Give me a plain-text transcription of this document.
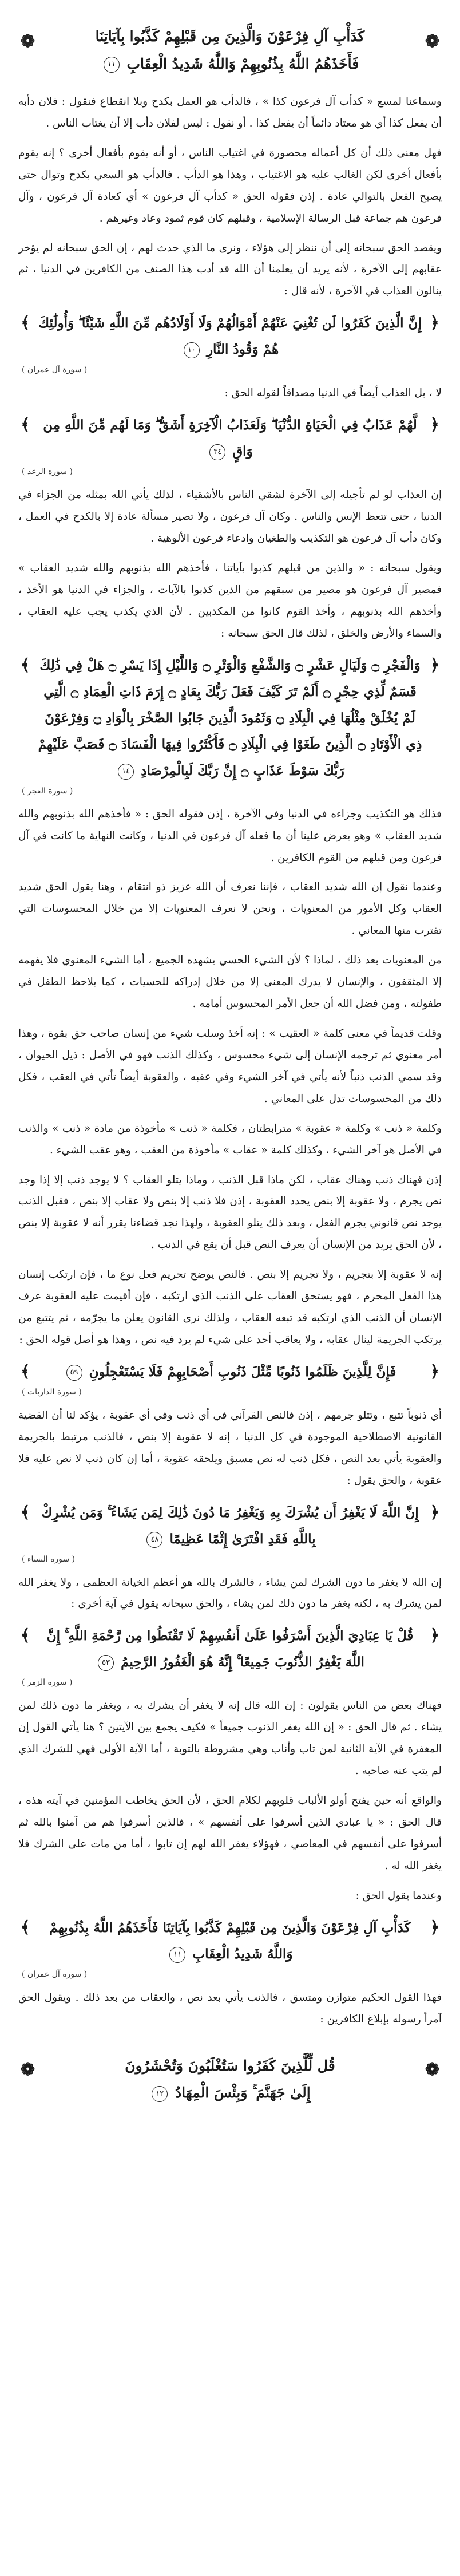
❁
❁	كَدَأْبِ آلِ فِرْعَوْنَ وَالَّذِينَ مِن قَبْلِهِمْ كَذَّبُوا بِآيَاتِنَا
فَأَخَذَهُمُ اللَّهُ بِذُنُوبِهِمْ وَاللَّهُ شَدِيدُ الْعِقَابِ ١١

وسماعنا لمسع « كدأب آل فرعون كذا » ، فالدأب هو العمل بكدح وبلا انقطاع فنقول : فلان دأبه أن يفعل كذا أي هو معتاد دائماً أن يفعل كذا . أو نقول : ليس لفلان دأب إلا أن يغتاب الناس .

فهل معنى ذلك أن كل أعماله محصورة في اغتياب الناس ، أو أنه يقوم بأفعال أخرى ؟ إنه يقوم بأفعال أخرى لكن الغالب عليه هو الاغتياب ، وهذا هو الدأب . فالدأب هو السعي بكدح وتوال حتى يصبح الفعل بالتوالي عادة . إذن فقوله الحق « كدأب آل فرعون » أي كعادة آل فرعون ، وآل فرعون هم جماعة قبل الرسالة الإسلامية ، وقبلهم كان قوم ثمود وعاد وغيرهم .

ويقصد الحق سبحانه إلى أن ننظر إلى هؤلاء ، ونرى ما الذي حدث لهم ، إن الحق سبحانه لم يؤخر عقابهم إلى الآخرة ، لأنه يريد أن يعلمنا أن الله قد أدب هذا الصنف من الكافرين في الدنيا ، ثم ينالون العذاب في الآخرة ، لأنه قال :

﴿
إِنَّ الَّذِينَ كَفَرُوا لَن تُغْنِيَ عَنْهُمْ أَمْوَالُهُمْ وَلَا أَوْلَادُهُم مِّنَ اللَّهِ شَيْئًا ۖ وَأُولَٰئِكَ هُمْ وَقُودُ النَّارِ ١٠
﴾
( سورة آل عمران )

لا ، بل العذاب أيضاً في الدنيا مصداقاً لقوله الحق :

﴿
لَّهُمْ عَذَابٌ فِي الْحَيَاةِ الدُّنْيَا ۖ وَلَعَذَابُ الْآخِرَةِ أَشَقُّ ۖ وَمَا لَهُم مِّنَ اللَّهِ مِن وَاقٍ ٣٤
﴾
( سورة الرعد )

إن العذاب لو لم تأجيله إلى الآخرة لشقي الناس بالأشقياء ، لذلك يأتي الله بمثله من الجزاء في الدنيا ، حتى تتعظ الإنس والناس . وكان آل فرعون ، ولا تصير مسألة عادة إلا بالكدح في العمل ، وكان دأب آل فرعون هو التكذيب والطغيان وادعاء فرعون الألوهية .

ويقول سبحانه : « والذين من قبلهم كذبوا بآياتنا ، فأخذهم الله بذنوبهم والله شديد العقاب » فمصير آل فرعون هو مصير من سبقهم من الذين كذبوا بالآيات ، والجزاء في الدنيا هو الأخذ ، وأخذهم الله بذنوبهم ، وأخذ القوم كانوا من المكذبين . لأن الذي يكذب يجب عليه العقاب ، والسماء والأرض والخلق ، لذلك قال الحق سبحانه :

﴿
وَالْفَجْرِ ۝ وَلَيَالٍ عَشْرٍ ۝ وَالشَّفْعِ وَالْوَتْرِ ۝ وَاللَّيْلِ إِذَا يَسْرِ ۝ هَلْ فِي ذَٰلِكَ قَسَمٌ لِّذِي حِجْرٍ ۝ أَلَمْ تَرَ كَيْفَ فَعَلَ رَبُّكَ بِعَادٍ ۝ إِرَمَ ذَاتِ الْعِمَادِ ۝ الَّتِي لَمْ يُخْلَقْ مِثْلُهَا فِي الْبِلَادِ ۝ وَثَمُودَ الَّذِينَ جَابُوا الصَّخْرَ بِالْوَادِ ۝ وَفِرْعَوْنَ ذِي الْأَوْتَادِ ۝ الَّذِينَ طَغَوْا فِي الْبِلَادِ ۝ فَأَكْثَرُوا فِيهَا الْفَسَادَ ۝ فَصَبَّ عَلَيْهِمْ رَبُّكَ سَوْطَ عَذَابٍ ۝ إِنَّ رَبَّكَ لَبِالْمِرْصَادِ ١٤
﴾
( سورة الفجر )

فذلك هو التكذيب وجزاءه في الدنيا وفي الآخرة ، إذن فقوله الحق : « فأخذهم الله بذنوبهم والله شديد العقاب » وهو يعرض علينا أن ما فعله آل فرعون في الدنيا ، وكانت النهاية ما كانت في آل فرعون ومن قبلهم من القوم الكافرين .

وعندما نقول إن الله شديد العقاب ، فإننا نعرف أن الله عزيز ذو انتقام ، وهنا يقول الحق شديد العقاب وكل الأمور من المعنويات ، ونحن لا نعرف المعنويات إلا من خلال المحسوسات التي تقترب منها المعاني .

من المعنويات بعد ذلك ، لماذا ؟ لأن الشيء الحسي يشهده الجميع ، أما الشيء المعنوي فلا يفهمه إلا المثقفون ، والإنسان لا يدرك المعنى إلا من خلال إدراكه للحسيات ، كما يلاحظ الطفل في طفولته ، ومن فضل الله أن جعل الأمر المحسوس أمامه .

وقلت قديماً في معنى كلمة « العقيب » : إنه أخذ وسلب شيء من إنسان صاحب حق بقوة ، وهذا أمر معنوي ثم ترجمه الإنسان إلى شيء محسوس ، وكذلك الذنب فهو في الأصل : ذيل الحيوان ، وقد سمي الذنب ذنباً لأنه يأتي في آخر الشيء وفي عقبه ، والعقوبة أيضاً تأتي في العقب ، فكل ذلك من المحسوسات تدل على المعاني .

وكلمة « ذنب » وكلمة « عقوبة » مترابطتان ، فكلمة « ذنب » مأخوذة من مادة « ذنب » والذنب في الأصل هو آخر الشيء ، وكذلك كلمة « عقاب » مأخوذة من العقب ، وهو عقب الشيء .

إذن فهناك ذنب وهناك عقاب ، لكن ماذا قبل الذنب ، وماذا يتلو العقاب ؟ لا يوجد ذنب إلا إذا وجد نص يجرم ، ولا عقوبة إلا بنص يحدد العقوبة ، إذن فلا ذنب إلا بنص ولا عقاب إلا بنص ، فقبل الذنب يوجد نص قانوني يجرم الفعل ، وبعد ذلك يتلو العقوبة ، ولهذا نجد قضاءنا يقرر أنه لا عقوبة إلا بنص ، لأن الحق يريد من الإنسان أن يعرف النص قبل أن يقع في الذنب .

إنه لا عقوبة إلا بتجريم ، ولا تجريم إلا بنص . فالنص يوضح تحريم فعل نوع ما ، فإن ارتكب إنسان هذا الفعل المحرم ، فهو يستحق العقاب على الذنب الذي ارتكبه ، فإن أقيمت عليه العقوبة عرف الإنسان أن الذنب الذي ارتكبه قد تبعه العقاب ، ولذلك نرى القانون يعلن ما يجرّمه ، ثم يتتبع من يرتكب الجريمة لينال عقابه ، ولا يعاقب أحد على شيء لم يرد فيه نص ، وهذا هو أصل قوله الحق :

﴿
فَإِنَّ لِلَّذِينَ ظَلَمُوا ذَنُوبًا مِّثْلَ ذَنُوبِ أَصْحَابِهِمْ فَلَا يَسْتَعْجِلُونِ ٥٩
﴾
( سورة الذاريات )

أي ذنوباً تتبع ، وتتلو جرمهم ، إذن فالنص القرآني في أي ذنب وفي أي عقوبة ، يؤكد لنا أن القضية القانونية الاصطلاحية الموجودة في كل الدنيا ، إنه لا عقوبة إلا بنص ، فالذنب مرتبط بالجريمة والعقوبة يأتي بعد النص ، فكل ذنب له نص مسبق ويلحقه عقوبة ، أما إن كان ذنب لا نص عليه فلا عقوبة ، والحق يقول :

﴿
إِنَّ اللَّهَ لَا يَغْفِرُ أَن يُشْرَكَ بِهِ وَيَغْفِرُ مَا دُونَ ذَٰلِكَ لِمَن يَشَاءُ ۚ وَمَن يُشْرِكْ بِاللَّهِ فَقَدِ افْتَرَىٰ إِثْمًا عَظِيمًا ٤٨
﴾
( سورة النساء )

إن الله لا يغفر ما دون الشرك لمن يشاء ، فالشرك بالله هو أعظم الخيانة العظمى ، ولا يغفر الله لمن يشرك به ، لكنه يغفر ما دون ذلك لمن يشاء ، والحق سبحانه يقول في آية أخرى :

﴿
قُلْ يَا عِبَادِيَ الَّذِينَ أَسْرَفُوا عَلَىٰ أَنفُسِهِمْ لَا تَقْنَطُوا مِن رَّحْمَةِ اللَّهِ ۚ إِنَّ اللَّهَ يَغْفِرُ الذُّنُوبَ جَمِيعًا ۚ إِنَّهُ هُوَ الْغَفُورُ الرَّحِيمُ ٥٣
﴾
( سورة الزمر )

فهناك بعض من الناس يقولون : إن الله قال إنه لا يغفر أن يشرك به ، ويغفر ما دون ذلك لمن يشاء . ثم قال الحق : « إن الله يغفر الذنوب جميعاً » فكيف يجمع بين الآيتين ؟ هنا يأتي القول إن المغفرة في الآية الثانية لمن تاب وأناب وهي مشروطة بالتوبة ، أما الآية الأولى فهي للشرك الذي لم يتب عنه صاحبه .

والواقع أنه حين يفتح أولو الألباب قلوبهم لكلام الحق ، لأن الحق يخاطب المؤمنين في آيته هذه ، قال الحق : « يا عبادي الذين أسرفوا على أنفسهم » ، فالذين أسرفوا هم من آمنوا بالله ثم أسرفوا على أنفسهم في المعاصي ، فهؤلاء يغفر الله لهم إن تابوا ، أما من مات على الشرك فلا يغفر الله له .

وعندما يقول الحق :

﴿
كَدَأْبِ آلِ فِرْعَوْنَ وَالَّذِينَ مِن قَبْلِهِمْ كَذَّبُوا بِآيَاتِنَا فَأَخَذَهُمُ اللَّهُ بِذُنُوبِهِمْ وَاللَّهُ شَدِيدُ الْعِقَابِ ١١
﴾
( سورة آل عمران )

فهذا القول الحكيم متوازن ومتسق ، فالذنب يأتي بعد نص ، والعقاب من بعد ذلك . ويقول الحق آمراً رسوله بإبلاغ الكافرين :

❁
❁	قُل لِّلَّذِينَ كَفَرُوا سَتُغْلَبُونَ وَتُحْشَرُونَ
إِلَىٰ جَهَنَّمَ ۚ وَبِئْسَ الْمِهَادُ ١٢
